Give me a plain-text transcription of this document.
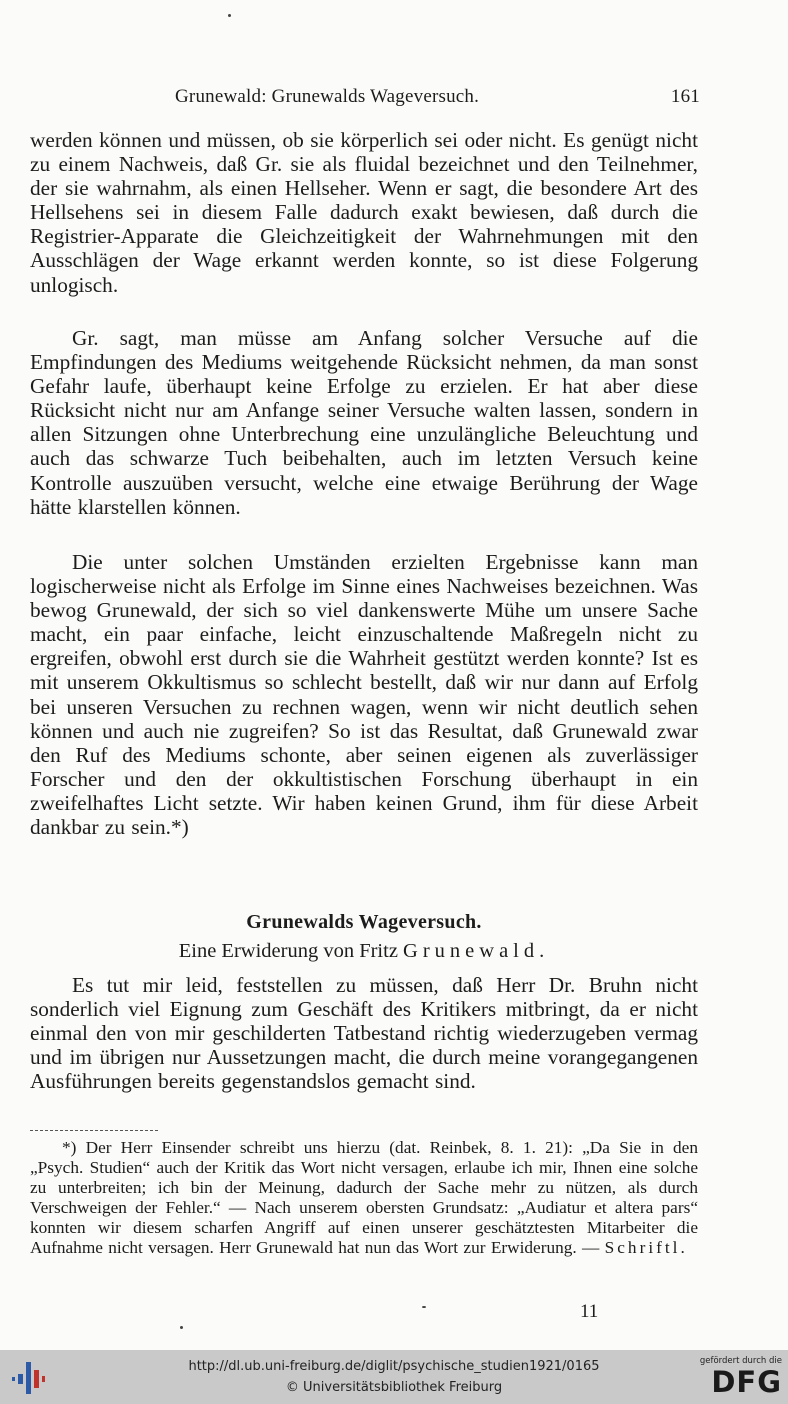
Grunewald: Grunewalds Wageversuch.	161

werden können und müssen, ob sie körperlich sei oder nicht. Es genügt nicht zu einem Nachweis, daß Gr. sie als fluidal bezeichnet und den Teilnehmer, der sie wahrnahm, als einen Hellseher. Wenn er sagt, die besondere Art des Hellsehens sei in diesem Falle dadurch exakt bewiesen, daß durch die Registrier-Apparate die Gleichzeitigkeit der Wahrnehmungen mit den Ausschlägen der Wage erkannt werden konnte, so ist diese Folgerung unlogisch.

Gr. sagt, man müsse am Anfang solcher Versuche auf die Empfindungen des Mediums weitgehende Rücksicht nehmen, da man sonst Gefahr laufe, überhaupt keine Erfolge zu erzielen. Er hat aber diese Rücksicht nicht nur am Anfange seiner Versuche walten lassen, sondern in allen Sitzungen ohne Unterbrechung eine unzulängliche Beleuchtung und auch das schwarze Tuch beibehalten, auch im letzten Versuch keine Kontrolle auszuüben versucht, welche eine etwaige Berührung der Wage hätte klarstellen können.

Die unter solchen Umständen erzielten Ergebnisse kann man logischerweise nicht als Erfolge im Sinne eines Nachweises bezeichnen. Was bewog Grunewald, der sich so viel dankenswerte Mühe um unsere Sache macht, ein paar einfache, leicht einzuschaltende Maßregeln nicht zu ergreifen, obwohl erst durch sie die Wahrheit gestützt werden konnte? Ist es mit unserem Okkultismus so schlecht bestellt, daß wir nur dann auf Erfolg bei unseren Versuchen zu rechnen wagen, wenn wir nicht deutlich sehen können und auch nie zugreifen? So ist das Resultat, daß Grunewald zwar den Ruf des Mediums schonte, aber seinen eigenen als zuverlässiger Forscher und den der okkultistischen Forschung überhaupt in ein zweifelhaftes Licht setzte. Wir haben keinen Grund, ihm für diese Arbeit dankbar zu sein.*)

Grunewalds Wageversuch.
Eine Erwiderung von Fritz Grunewald.

Es tut mir leid, feststellen zu müssen, daß Herr Dr. Bruhn nicht sonderlich viel Eignung zum Geschäft des Kritikers mitbringt, da er nicht einmal den von mir geschilderten Tatbestand richtig wiederzugeben vermag und im übrigen nur Aussetzungen macht, die durch meine vorangegangenen Ausführungen bereits gegenstandslos gemacht sind.

*) Der Herr Einsender schreibt uns hierzu (dat. Reinbek, 8. 1. 21): „Da Sie in den „Psych. Studien“ auch der Kritik das Wort nicht versagen, erlaube ich mir, Ihnen eine solche zu unterbreiten; ich bin der Meinung, dadurch der Sache mehr zu nützen, als durch Verschweigen der Fehler.“ — Nach unserem obersten Grundsatz: „Audiatur et altera pars“ konnten wir diesem scharfen Angriff auf einen unserer geschätztesten Mitarbeiter die Aufnahme nicht versagen. Herr Grunewald hat nun das Wort zur Erwiderung. — Schriftl.

11
http://dl.ub.uni-freiburg.de/diglit/psychische_studien1921/0165
© Universitätsbibliothek Freiburg
gefördert durch die
DFG
